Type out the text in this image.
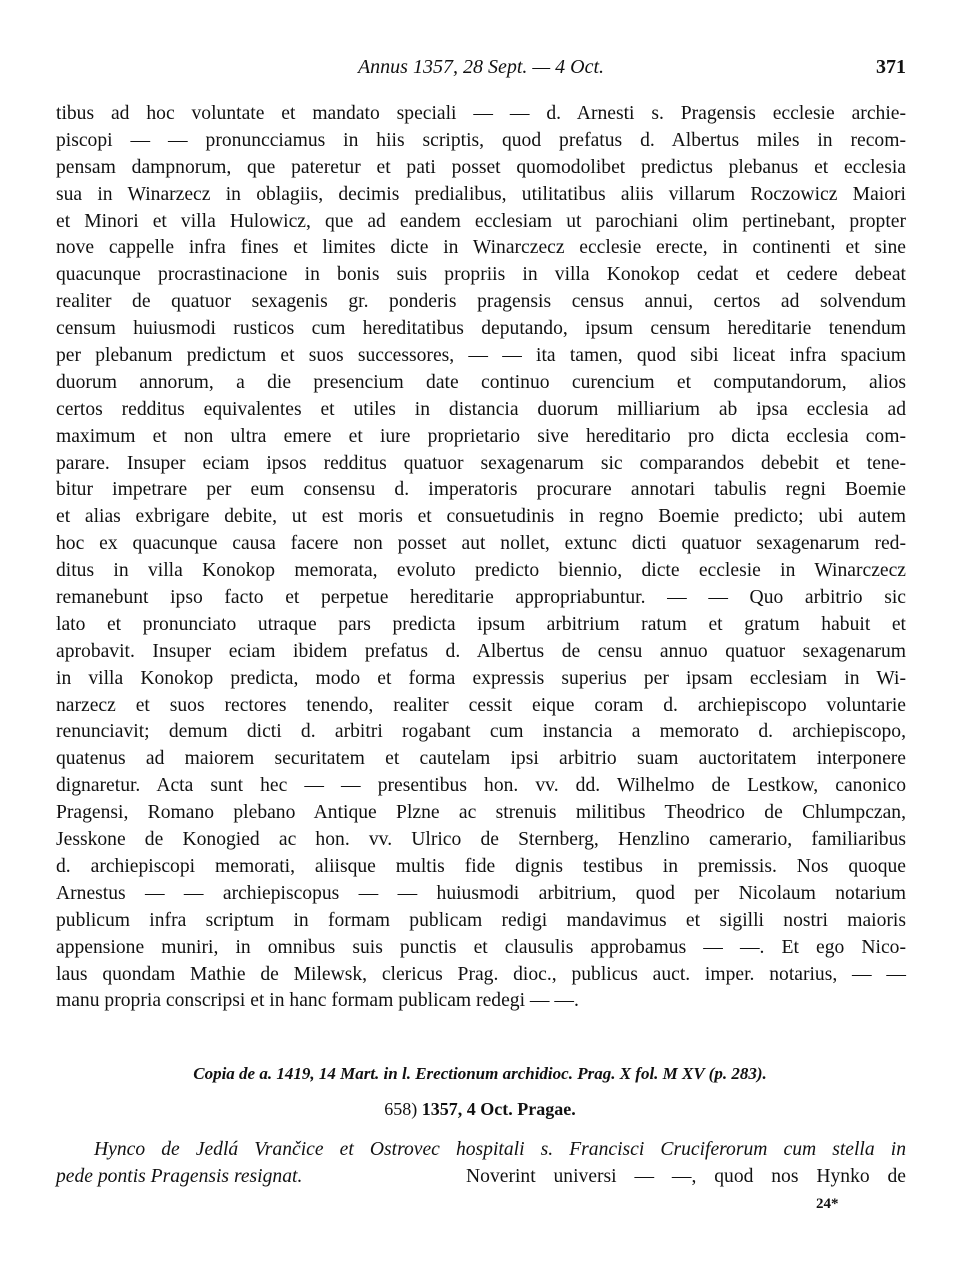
Annus 1357, 28 Sept. — 4 Oct.	371
tibus ad hoc voluntate et mandato speciali — — d. Arnesti s. Pragensis ecclesie archie-
piscopi — — pronuncciamus in hiis scriptis, quod prefatus d. Albertus miles in recom-
pensam dampnorum, que pateretur et pati posset quomodolibet predictus plebanus et ecclesia
sua in Winarzecz in oblagiis, decimis predialibus, utilitatibus aliis villarum Roczowicz Maiori
et Minori et villa Hulowicz, que ad eandem ecclesiam ut parochiani olim pertinebant, propter
nove cappelle infra fines et limites dicte in Winarczecz ecclesie erecte, in continenti et sine
quacunque procrastinacione in bonis suis propriis in villa Konokop cedat et cedere debeat
realiter de quatuor sexagenis gr. ponderis pragensis census annui, certos ad solvendum
censum huiusmodi rusticos cum hereditatibus deputando, ipsum censum hereditarie tenendum
per plebanum predictum et suos successores, — — ita tamen, quod sibi liceat infra spacium
duorum annorum, a die presencium date continuo curencium et computandorum, alios
certos redditus equivalentes et utiles in distancia duorum milliarium ab ipsa ecclesia ad
maximum et non ultra emere et iure proprietario sive hereditario pro dicta ecclesia com-
parare. Insuper eciam ipsos redditus quatuor sexagenarum sic comparandos debebit et tene-
bitur impetrare per eum consensu d. imperatoris procurare annotari tabulis regni Boemie
et alias exbrigare debite, ut est moris et consuetudinis in regno Boemie predicto; ubi autem
hoc ex quacunque causa facere non posset aut nollet, extunc dicti quatuor sexagenarum red-
ditus in villa Konokop memorata, evoluto predicto biennio, dicte ecclesie in Winarczecz
remanebunt ipso facto et perpetue hereditarie appropriabuntur. — — Quo arbitrio sic
lato et pronunciato utraque pars predicta ipsum arbitrium ratum et gratum habuit et
aprobavit. Insuper eciam ibidem prefatus d. Albertus de censu annuo quatuor sexagenarum
in villa Konokop predicta, modo et forma expressis superius per ipsam ecclesiam in Wi-
narzecz et suos rectores tenendo, realiter cessit eique coram d. archiepiscopo voluntarie
renunciavit; demum dicti d. arbitri rogabant cum instancia a memorato d. archiepiscopo,
quatenus ad maiorem securitatem et cautelam ipsi arbitrio suam auctoritatem interponere
dignaretur. Acta sunt hec — — presentibus hon. vv. dd. Wilhelmo de Lestkow, canonico
Pragensi, Romano plebano Antique Plzne ac strenuis militibus Theodrico de Chlumpczan,
Jesskone de Konogied ac hon. vv. Ulrico de Sternberg, Henzlino camerario, familiaribus
d. archiepiscopi memorati, aliisque multis fide dignis testibus in premissis. Nos quoque
Arnestus — — archiepiscopus — — huiusmodi arbitrium, quod per Nicolaum notarium
publicum infra scriptum in formam publicam redigi mandavimus et sigilli nostri maioris
appensione muniri, in omnibus suis punctis et clausulis approbamus — —. Et ego Nico-
laus quondam Mathie de Milewsk, clericus Prag. dioc., publicus auct. imper. notarius, — —
manu propria conscripsi et in hanc formam publicam redegi — —.
Copia de a. 1419, 14 Mart. in l. Erectionum archidioc. Prag. X fol. M XV (p. 283).
658) 1357, 4 Oct. Pragae.
Hynco de Jedlá Vrančice et Ostrovec hospitali s. Francisci Cruciferorum cum stella in
pede pontis Pragensis resignat.	Noverint universi — —, quod nos Hynko de
24*
